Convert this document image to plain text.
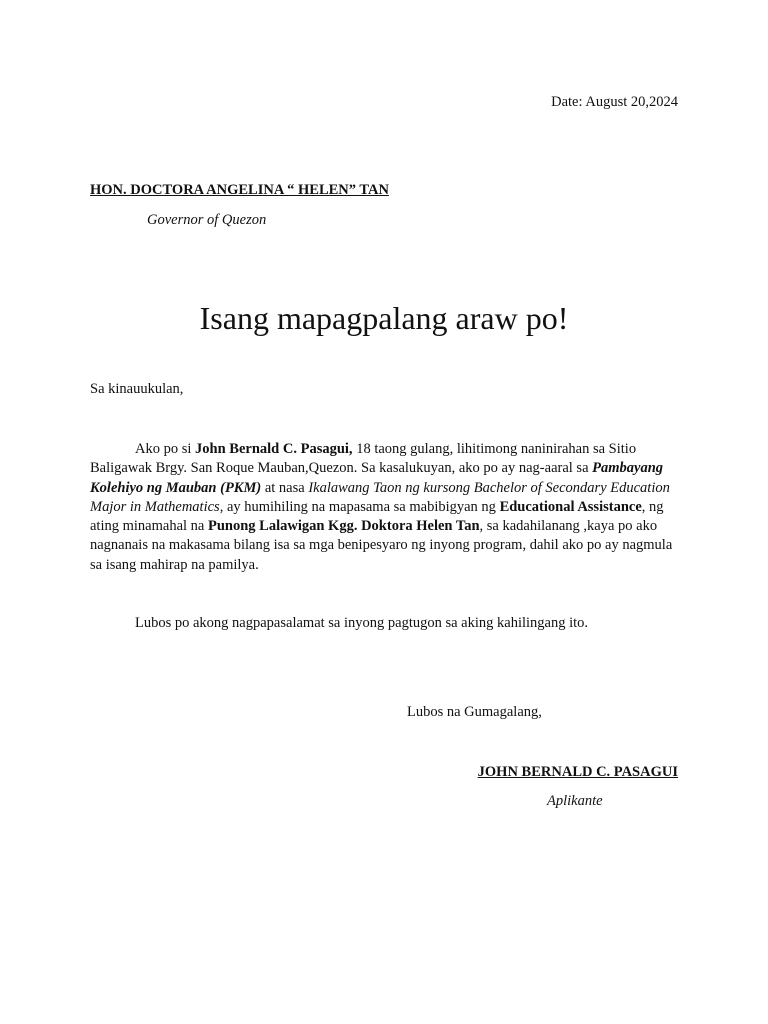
Date: August 20,2024
HON. DOCTORA ANGELINA “ HELEN” TAN
Governor of Quezon
Isang mapagpalang araw po!
Sa kinauukulan,
Ako po si John Bernald C. Pasagui, 18 taong gulang, lihitimong naninirahan sa Sitio Baligawak Brgy. San Roque Mauban,Quezon. Sa kasalukuyan, ako po ay nag-aaral sa Pambayang Kolehiyo ng Mauban (PKM) at nasa Ikalawang Taon ng kursong Bachelor of Secondary Education Major in Mathematics, ay humihiling na mapasama sa mabibigyan ng Educational Assistance, ng ating minamahal na Punong Lalawigan Kgg. Doktora Helen Tan, sa kadahilanang ,kaya po ako nagnanais na makasama bilang isa sa mga benipesyaro ng inyong program, dahil ako po ay nagmula sa isang mahirap na pamilya.
Lubos po akong nagpapasalamat sa inyong pagtugon sa aking kahilingang ito.
Lubos na Gumagalang,
JOHN BERNALD C. PASAGUI
Aplikante
